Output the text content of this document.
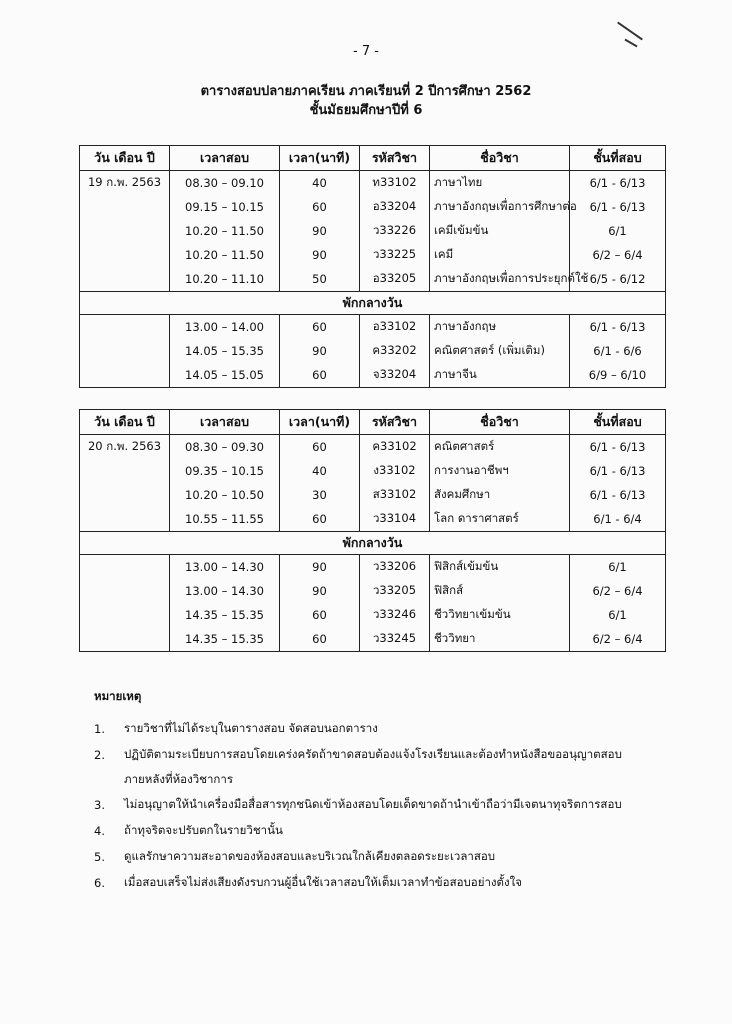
- 7 -
ตารางสอบปลายภาคเรียน ภาคเรียนที่ 2 ปีการศึกษา 2562
ชั้นมัธยมศึกษาปีที่ 6
วัน เดือน ปี	เวลาสอบ	เวลา(นาที)	รหัสวิชา	ชื่อวิชา	ชั้นที่สอบ
19 ก.พ. 2563	08.30 – 09.10	40	ท33102	ภาษาไทย	6/1 - 6/13
	09.15 – 10.15	60	อ33204	ภาษาอังกฤษเพื่อการศึกษาต่อ	6/1 - 6/13
	10.20 – 11.50	90	ว33226	เคมีเข้มข้น	6/1
	10.20 – 11.50	90	ว33225	เคมี	6/2 – 6/4
	10.20 – 11.10	50	อ33205	ภาษาอังกฤษเพื่อการประยุกต์ใช้	6/5 - 6/12
พักกลางวัน					
	13.00 – 14.00	60	อ33102	ภาษาอังกฤษ	6/1 - 6/13
	14.05 – 15.35	90	ค33202	คณิตศาสตร์ (เพิ่มเติม)	6/1 - 6/6
	14.05 – 15.05	60	จ33204	ภาษาจีน	6/9 – 6/10
วัน เดือน ปี	เวลาสอบ	เวลา(นาที)	รหัสวิชา	ชื่อวิชา	ชั้นที่สอบ
20 ก.พ. 2563	08.30 – 09.30	60	ค33102	คณิตศาสตร์	6/1 - 6/13
	09.35 – 10.15	40	ง33102	การงานอาชีพฯ	6/1 - 6/13
	10.20 – 10.50	30	ส33102	สังคมศึกษา	6/1 - 6/13
	10.55 – 11.55	60	ว33104	โลก ดาราศาสตร์	6/1 - 6/4
พักกลางวัน					
	13.00 – 14.30	90	ว33206	ฟิสิกส์เข้มข้น	6/1
	13.00 – 14.30	90	ว33205	ฟิสิกส์	6/2 – 6/4
	14.35 – 15.35	60	ว33246	ชีววิทยาเข้มข้น	6/1
	14.35 – 15.35	60	ว33245	ชีววิทยา	6/2 – 6/4
หมายเหตุ
1.	รายวิชาที่ไม่ได้ระบุในตารางสอบ จัดสอบนอกตาราง
2.	ปฏิบัติตามระเบียบการสอบโดยเคร่งครัดถ้าขาดสอบต้องแจ้งโรงเรียนและต้องทำหนังสือขออนุญาตสอบ
ภายหลังที่ห้องวิชาการ
3.	ไม่อนุญาตให้นำเครื่องมือสื่อสารทุกชนิดเข้าห้องสอบโดยเด็ดขาดถ้านำเข้าถือว่ามีเจตนาทุจริตการสอบ
4.	ถ้าทุจริตจะปรับตกในรายวิชานั้น
5.	ดูแลรักษาความสะอาดของห้องสอบและบริเวณใกล้เคียงตลอดระยะเวลาสอบ
6.	เมื่อสอบเสร็จไม่ส่งเสียงดังรบกวนผู้อื่นใช้เวลาสอบให้เต็มเวลาทำข้อสอบอย่างตั้งใจ
